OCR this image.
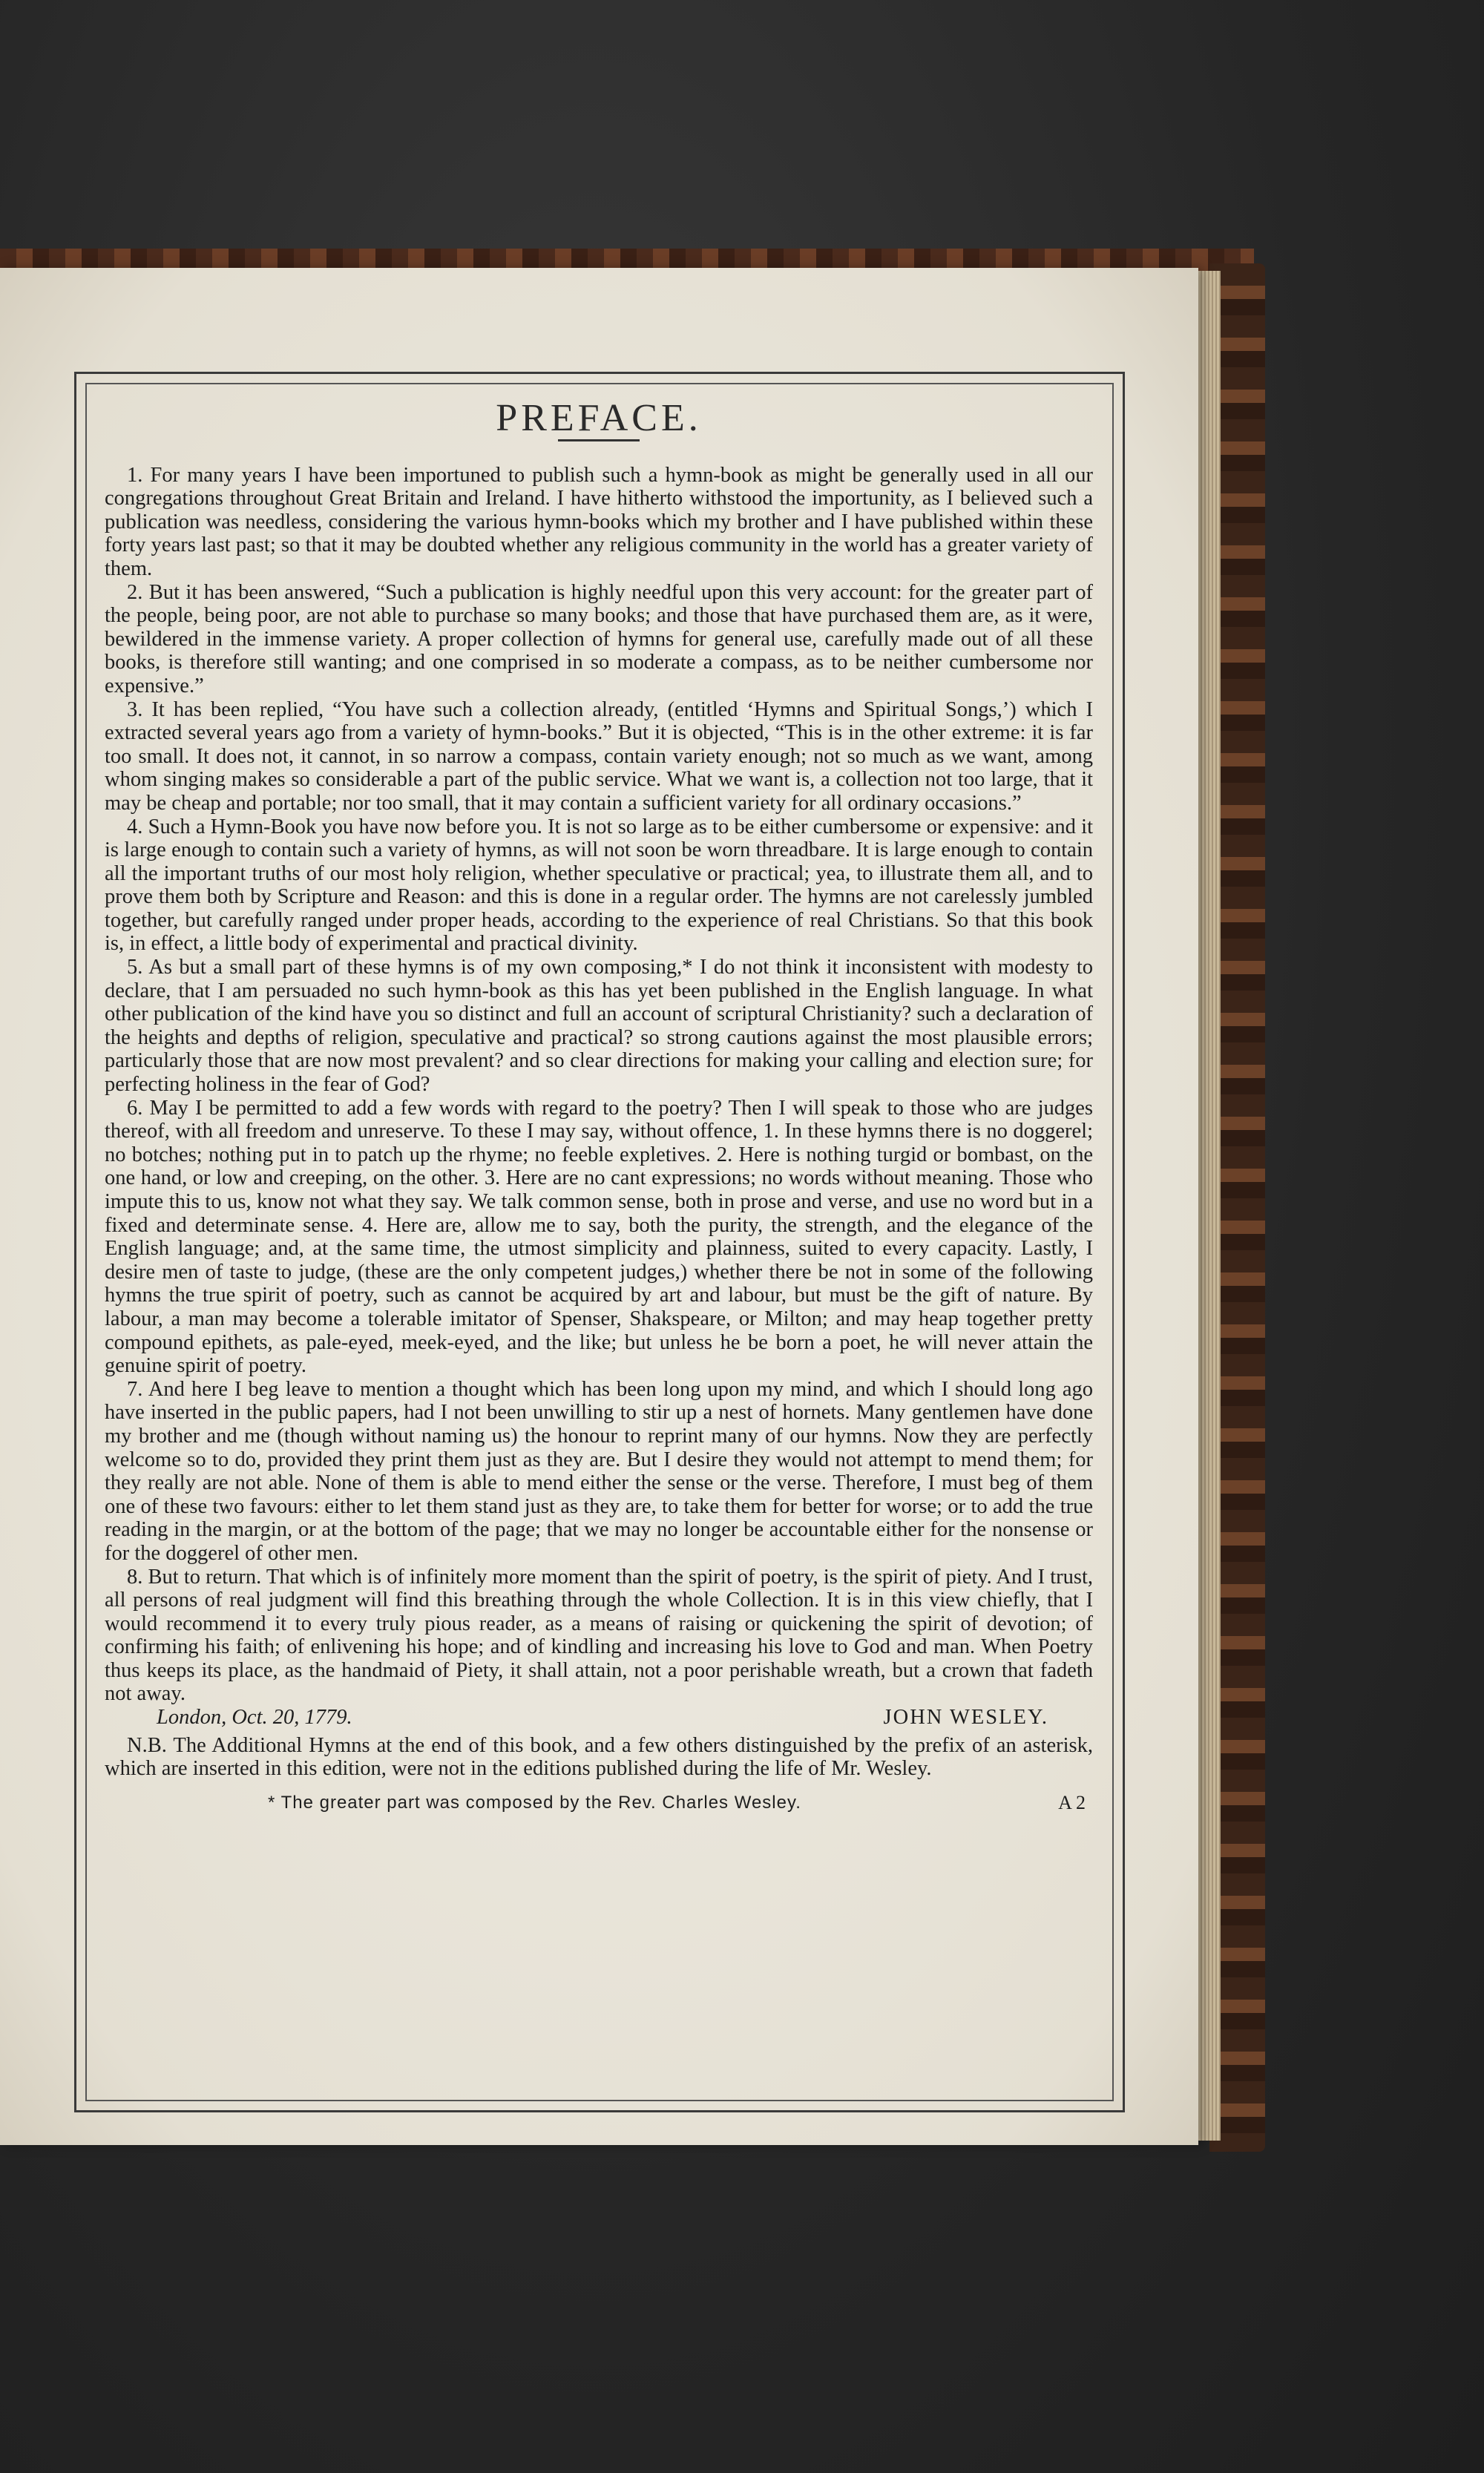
PREFACE.

1. For many years I have been importuned to publish such a hymn-book as might be generally used in all our congregations throughout Great Britain and Ireland. I have hitherto withstood the importunity, as I believed such a publication was needless, considering the various hymn-books which my brother and I have published within these forty years last past; so that it may be doubted whether any religious community in the world has a greater variety of them.

2. But it has been answered, “Such a publication is highly needful upon this very account: for the greater part of the people, being poor, are not able to purchase so many books; and those that have purchased them are, as it were, bewildered in the immense variety. A proper collection of hymns for general use, carefully made out of all these books, is therefore still wanting; and one comprised in so moderate a compass, as to be neither cumbersome nor expensive.”

3. It has been replied, “You have such a collection already, (entitled ‘Hymns and Spiritual Songs,’) which I extracted several years ago from a variety of hymn-books.” But it is objected, “This is in the other extreme: it is far too small. It does not, it cannot, in so narrow a compass, contain variety enough; not so much as we want, among whom singing makes so considerable a part of the public service. What we want is, a collection not too large, that it may be cheap and portable; nor too small, that it may contain a sufficient variety for all ordinary occasions.”

4. Such a Hymn-Book you have now before you. It is not so large as to be either cumbersome or expensive: and it is large enough to contain such a variety of hymns, as will not soon be worn threadbare. It is large enough to contain all the important truths of our most holy religion, whether speculative or practical; yea, to illustrate them all, and to prove them both by Scripture and Reason: and this is done in a regular order. The hymns are not carelessly jumbled together, but carefully ranged under proper heads, according to the experience of real Christians. So that this book is, in effect, a little body of experimental and practical divinity.

5. As but a small part of these hymns is of my own composing,* I do not think it inconsistent with modesty to declare, that I am persuaded no such hymn-book as this has yet been published in the English language. In what other publication of the kind have you so distinct and full an account of scriptural Christianity? such a declaration of the heights and depths of religion, speculative and practical? so strong cautions against the most plausible errors; particularly those that are now most prevalent? and so clear directions for making your calling and election sure; for perfecting holiness in the fear of God?

6. May I be permitted to add a few words with regard to the poetry? Then I will speak to those who are judges thereof, with all freedom and unreserve. To these I may say, without offence, 1. In these hymns there is no doggerel; no botches; nothing put in to patch up the rhyme; no feeble expletives. 2. Here is nothing turgid or bombast, on the one hand, or low and creeping, on the other. 3. Here are no cant expressions; no words without meaning. Those who impute this to us, know not what they say. We talk common sense, both in prose and verse, and use no word but in a fixed and determinate sense. 4. Here are, allow me to say, both the purity, the strength, and the elegance of the English language; and, at the same time, the utmost simplicity and plainness, suited to every capacity. Lastly, I desire men of taste to judge, (these are the only competent judges,) whether there be not in some of the following hymns the true spirit of poetry, such as cannot be acquired by art and labour, but must be the gift of nature. By labour, a man may become a tolerable imitator of Spenser, Shakspeare, or Milton; and may heap together pretty compound epithets, as pale-eyed, meek-eyed, and the like; but unless he be born a poet, he will never attain the genuine spirit of poetry.

7. And here I beg leave to mention a thought which has been long upon my mind, and which I should long ago have inserted in the public papers, had I not been unwilling to stir up a nest of hornets. Many gentlemen have done my brother and me (though without naming us) the honour to reprint many of our hymns. Now they are perfectly welcome so to do, provided they print them just as they are. But I desire they would not attempt to mend them; for they really are not able. None of them is able to mend either the sense or the verse. Therefore, I must beg of them one of these two favours: either to let them stand just as they are, to take them for better for worse; or to add the true reading in the margin, or at the bottom of the page; that we may no longer be accountable either for the nonsense or for the doggerel of other men.

8. But to return. That which is of infinitely more moment than the spirit of poetry, is the spirit of piety. And I trust, all persons of real judgment will find this breathing through the whole Collection. It is in this view chiefly, that I would recommend it to every truly pious reader, as a means of raising or quickening the spirit of devotion; of confirming his faith; of enlivening his hope; and of kindling and increasing his love to God and man. When Poetry thus keeps its place, as the handmaid of Piety, it shall attain, not a poor perishable wreath, but a crown that fadeth not away.

London, Oct. 20, 1779.	JOHN WESLEY.

N.B. The Additional Hymns at the end of this book, and a few others distinguished by the prefix of an asterisk, which are inserted in this edition, were not in the editions published during the life of Mr. Wesley.

* The greater part was composed by the Rev. Charles Wesley.	A 2
